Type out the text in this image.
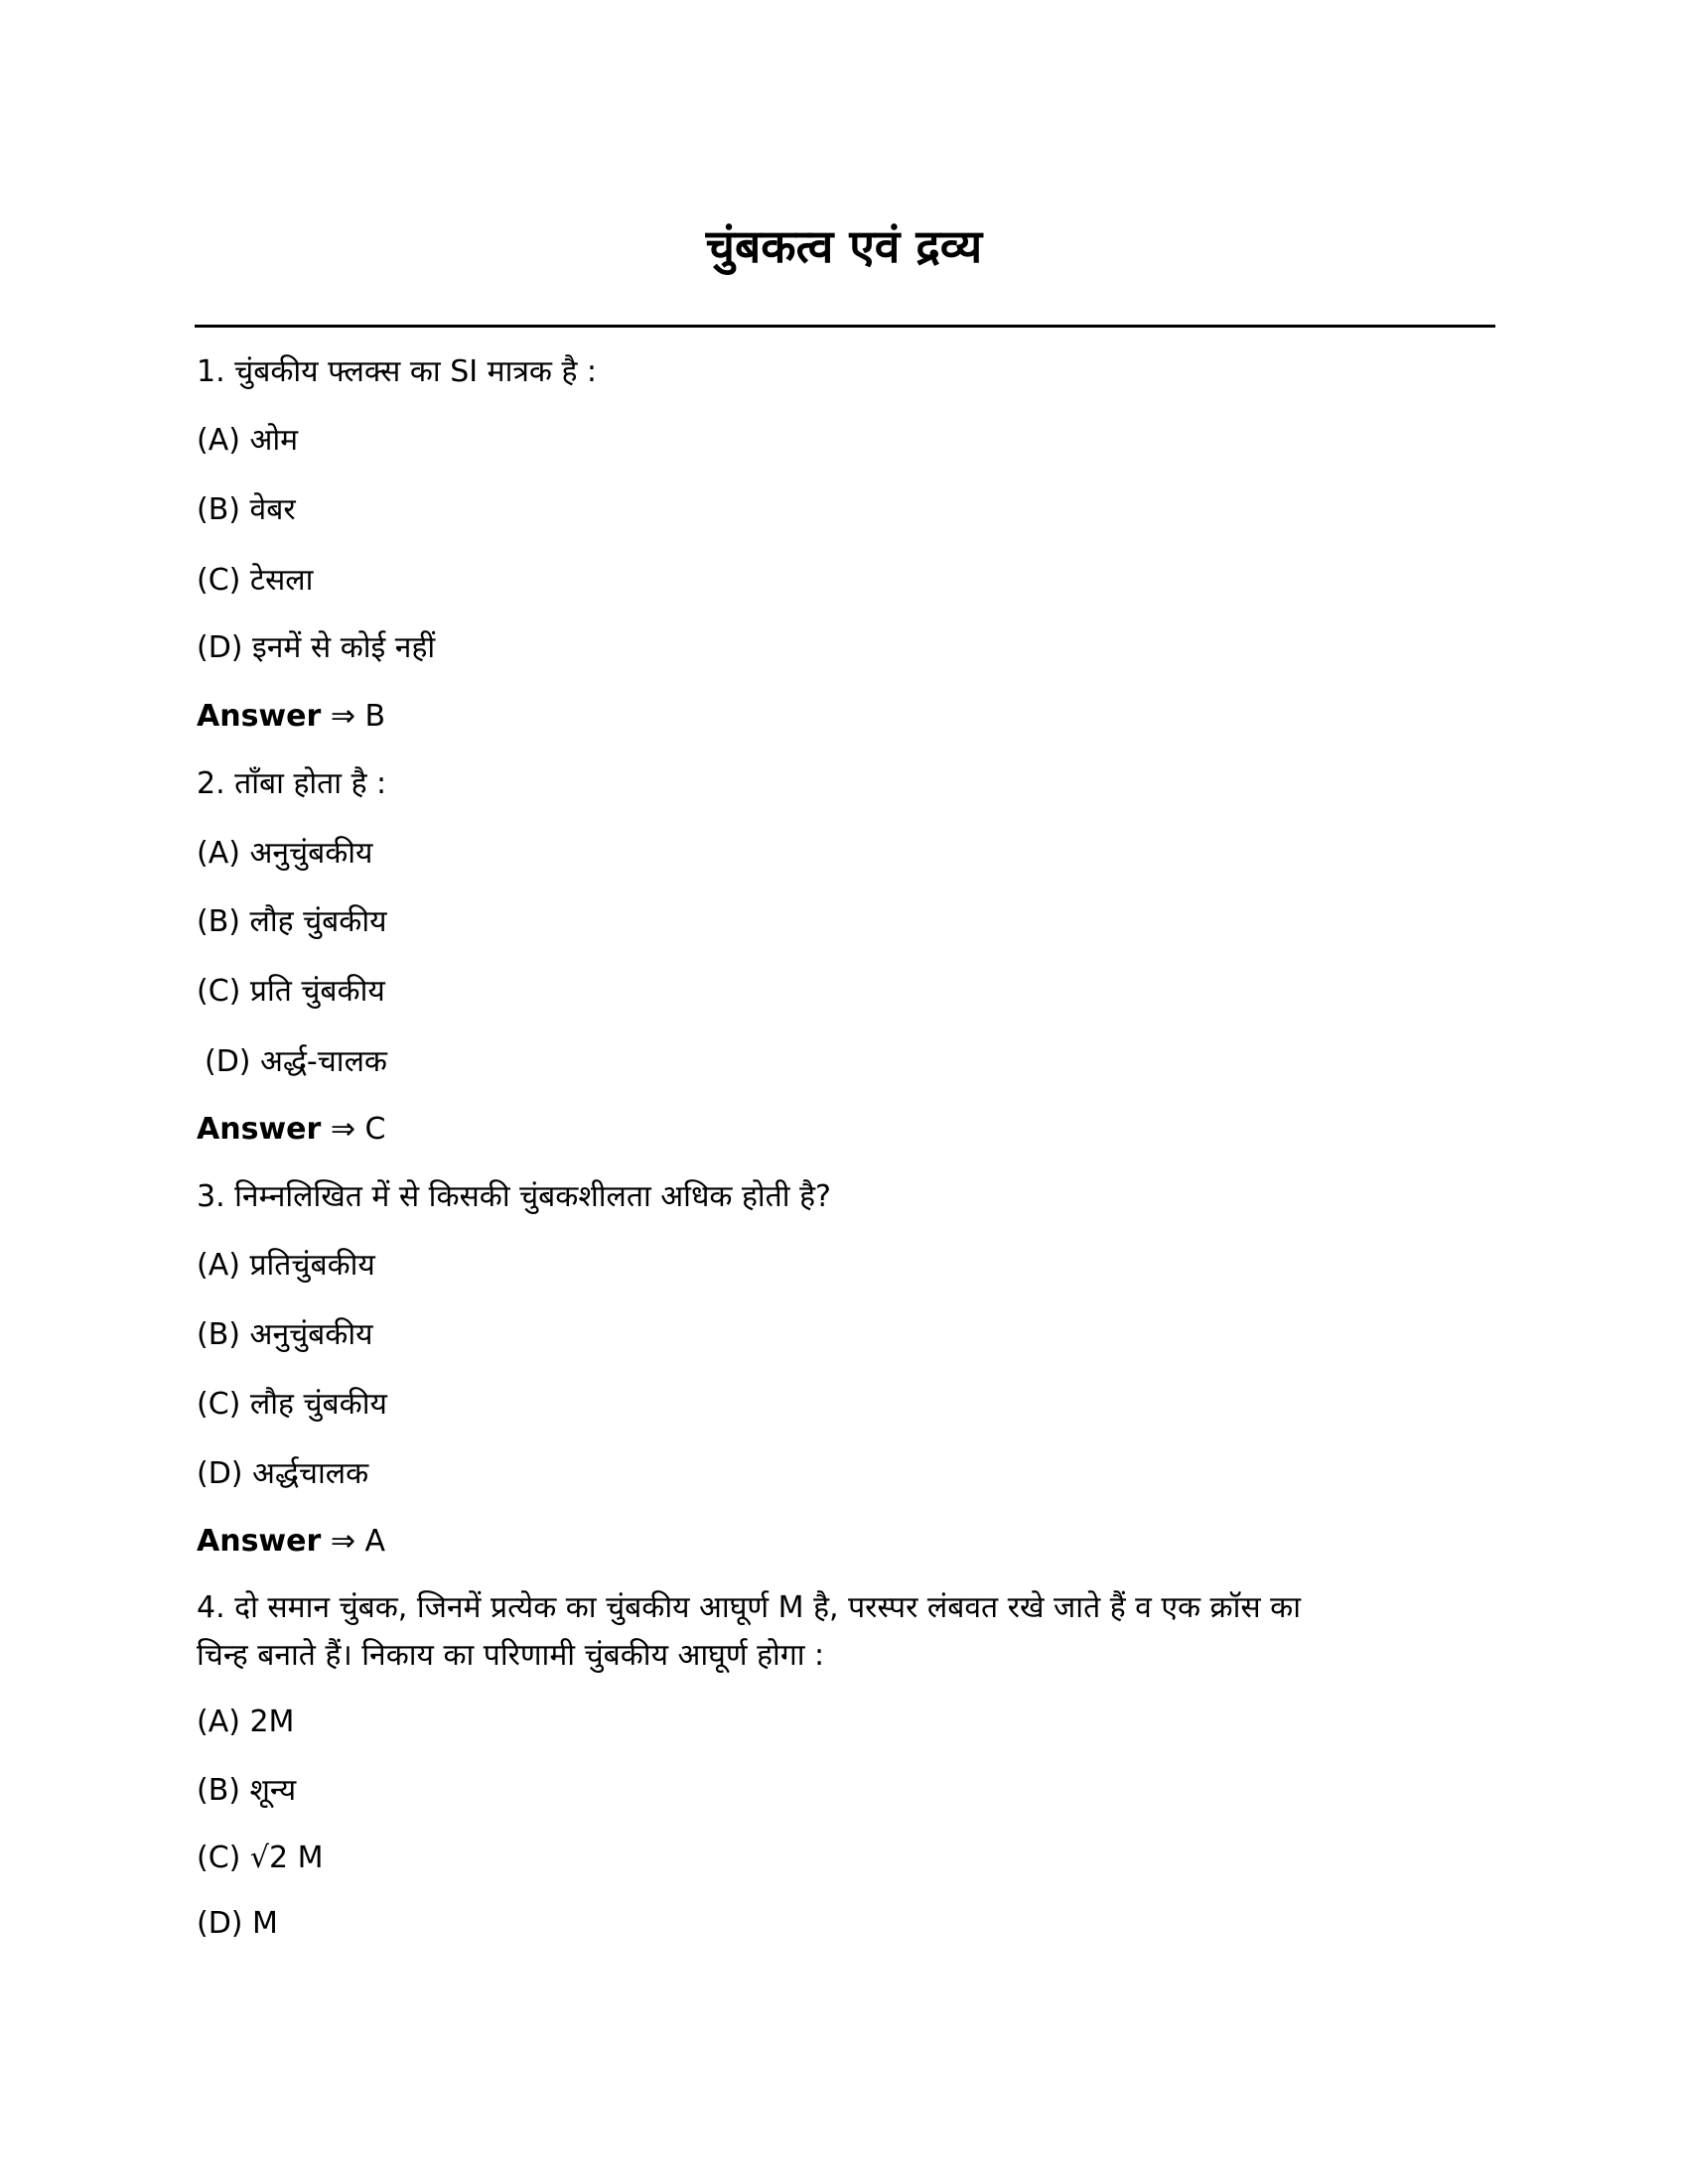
चुंबकत्व एवं द्रव्य
1. चुंबकीय फ्लक्स का SI मात्रक है :
(A) ओम
(B) वेबर
(C) टेसला
(D) इनमें से कोई नहीं
Answer ⇒ B
2. ताँबा होता है :
(A) अनुचुंबकीय
(B) लौह चुंबकीय
(C) प्रति चुंबकीय
(D) अर्द्ध-चालक
Answer ⇒ C
3. निम्नलिखित में से किसकी चुंबकशीलता अधिक होती है?
(A) प्रतिचुंबकीय
(B) अनुचुंबकीय
(C) लौह चुंबकीय
(D) अर्द्धचालक
Answer ⇒ A
4. दो समान चुंबक, जिनमें प्रत्येक का चुंबकीय आघूर्ण M है, परस्पर लंबवत रखे जाते हैं व एक क्रॉस का
चिन्ह बनाते हैं। निकाय का परिणामी चुंबकीय आघूर्ण होगा :
(A) 2M
(B) शून्य
(C) √2 M
(D) M
